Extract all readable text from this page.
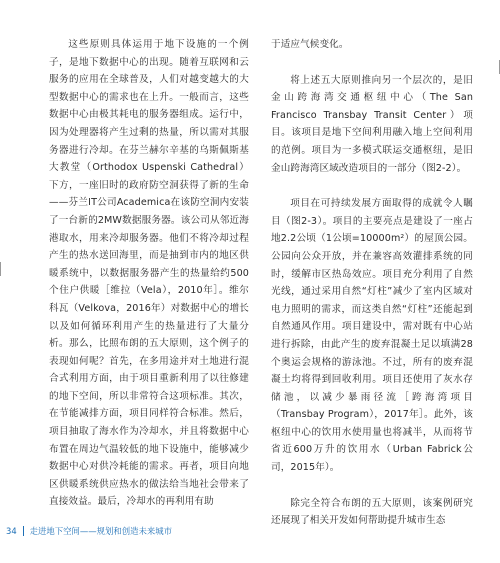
这些原则具体运用于地下设施的一个例子，是地下数据中心的出现。随着互联网和云服务的应用在全球普及，人们对越变越大的大型数据中心的需求也在上升。一般而言，这些数据中心由极其耗电的服务器组成。运行中，因为处理器将产生过剩的热量，所以需对其服务器进行冷却。在芬兰赫尔辛基的乌斯佩斯基大教堂（Orthodox Uspenski Cathedral）下方，一座旧时的政府防空洞获得了新的生命——芬兰IT公司Academica在该防空洞内安装了一台新的2MW数据服务器。该公司从邻近海港取水，用来冷却服务器。他们不将冷却过程产生的热水送回海里，而是抽到市内的地区供暖系统中，以数据服务器产生的热量给约500个住户供暖［维拉（Vela），2010年］。维尔科瓦（Velkova，2016年）对数据中心的增长以及如何循环利用产生的热量进行了大量分析。那么，比照布朗的五大原则，这个例子的表现如何呢？首先，在多用途并对土地进行混合式利用方面，由于项目重新利用了以往修建的地下空间，所以非常符合这项标准。其次，在节能减排方面，项目同样符合标准。然后，项目抽取了海水作为冷却水，并且将数据中心布置在周边气温较低的地下设施中，能够减少数据中心对供冷耗能的需求。再者，项目向地区供暖系统供应热水的做法给当地社会带来了直接效益。最后，冷却水的再利用有助

于适应气候变化。

将上述五大原则推向另一个层次的，是旧金山跨海湾交通枢纽中心（The San Francisco Transbay Transit Center）项目。该项目是地下空间利用融入地上空间利用的范例。项目为一多模式联运交通枢纽，是旧金山跨海湾区域改造项目的一部分（图2-2）。

项目在可持续发展方面取得的成就令人瞩目（图2-3）。项目的主要亮点是建设了一座占地2.2公顷（1公顷=10000m²）的屋顶公园。公园向公众开放，并在兼容高效灌排系统的同时，缓解市区热岛效应。项目充分利用了自然光线，通过采用自然“灯柱”减少了室内区域对电力照明的需求，而这类自然“灯柱”还能起到自然通风作用。项目建设中，需对既有中心站进行拆除，由此产生的废弃混凝土足以填满28个奥运会规格的游泳池。不过，所有的废弃混凝土均将得到回收利用。项目还使用了灰水存储池，以减少暴雨径流［跨海湾项目（Transbay Program），2017年］。此外，该枢纽中心的饮用水使用量也将减半，从而将节省近600万升的饮用水（Urban Fabrick公司，2015年）。

除完全符合布朗的五大原则，该案例研究还展现了相关开发如何帮助提升城市生态

34 走进地下空间——规划和创造未来城市
